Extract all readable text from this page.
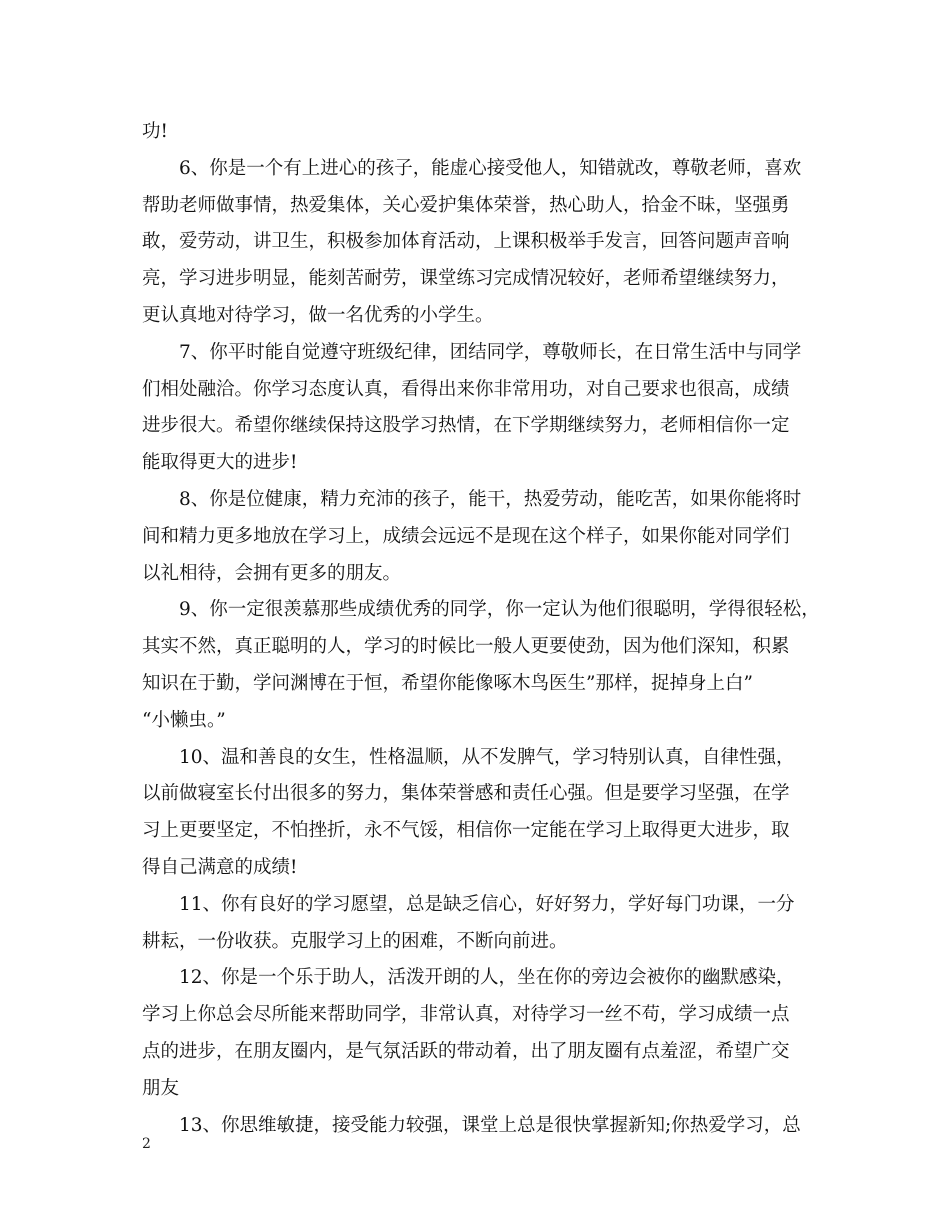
功!
6、你是一个有上进心的孩子，能虚心接受他人，知错就改，尊敬老师，喜欢
帮助老师做事情，热爱集体，关心爱护集体荣誉，热心助人，拾金不昧，坚强勇
敢，爱劳动，讲卫生，积极参加体育活动，上课积极举手发言，回答问题声音响
亮，学习进步明显，能刻苦耐劳，课堂练习完成情况较好，老师希望继续努力，
更认真地对待学习，做一名优秀的小学生。
7、你平时能自觉遵守班级纪律，团结同学，尊敬师长，在日常生活中与同学
们相处融洽。你学习态度认真，看得出来你非常用功，对自己要求也很高，成绩
进步很大。希望你继续保持这股学习热情，在下学期继续努力，老师相信你一定
能取得更大的进步!
8、你是位健康，精力充沛的孩子，能干，热爱劳动，能吃苦，如果你能将时
间和精力更多地放在学习上，成绩会远远不是现在这个样子，如果你能对同学们
以礼相待，会拥有更多的朋友。
9、你一定很羡慕那些成绩优秀的同学，你一定认为他们很聪明，学得很轻松，
其实不然，真正聪明的人，学习的时候比一般人更要使劲，因为他们深知，积累
知识在于勤，学问渊博在于恒，希望你能像啄木鸟医生”那样，捉掉身上白”
“小懒虫。”
10、温和善良的女生，性格温顺，从不发脾气，学习特别认真，自律性强，
以前做寝室长付出很多的努力，集体荣誉感和责任心强。但是要学习坚强，在学
习上更要坚定，不怕挫折，永不气馁，相信你一定能在学习上取得更大进步，取
得自己满意的成绩!
11、你有良好的学习愿望，总是缺乏信心，好好努力，学好每门功课，一分
耕耘，一份收获。克服学习上的困难，不断向前进。
12、你是一个乐于助人，活泼开朗的人，坐在你的旁边会被你的幽默感染，
学习上你总会尽所能来帮助同学，非常认真，对待学习一丝不苟，学习成绩一点
点的进步，在朋友圈内，是气氛活跃的带动着，出了朋友圈有点羞涩，希望广交
朋友
13、你思维敏捷，接受能力较强，课堂上总是很快掌握新知;你热爱学习，总
2
